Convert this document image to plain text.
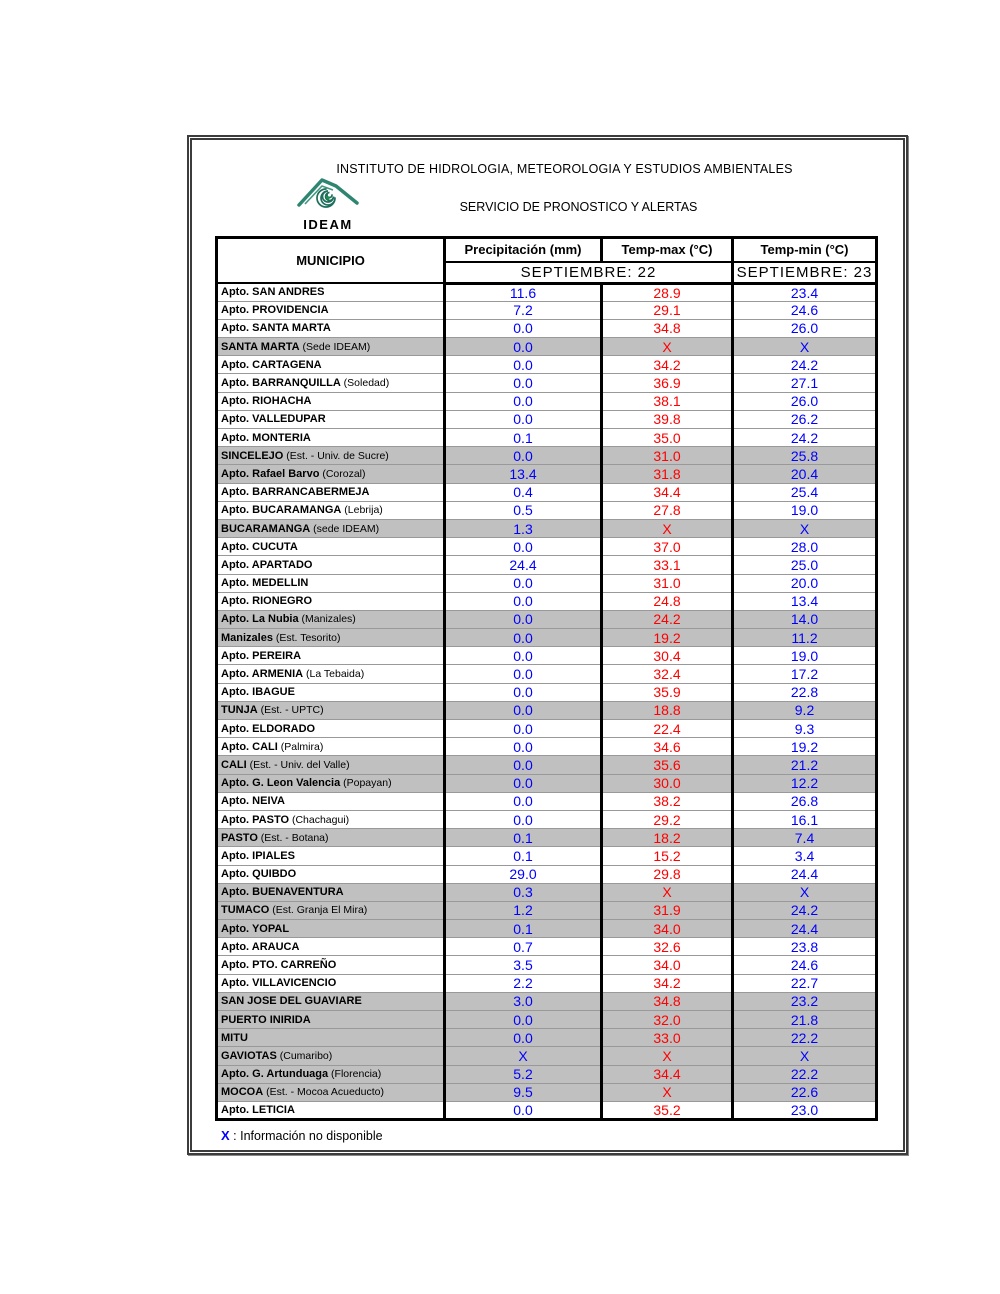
INSTITUTO DE HIDROLOGIA, METEOROLOGIA Y ESTUDIOS AMBIENTALES
IDEAM
SERVICIO DE PRONOSTICO Y ALERTAS
MUNICIPIO	Precipitación (mm)	Temp-max (°C)	Temp-min (°C)
	SEPTIEMBRE: 22		SEPTIEMBRE: 23
Apto. SAN ANDRES	11.6	28.9	23.4
Apto. PROVIDENCIA	7.2	29.1	24.6
Apto. SANTA MARTA	0.0	34.8	26.0
SANTA MARTA (Sede IDEAM)	0.0	X	X
Apto. CARTAGENA	0.0	34.2	24.2
Apto. BARRANQUILLA (Soledad)	0.0	36.9	27.1
Apto. RIOHACHA	0.0	38.1	26.0
Apto. VALLEDUPAR	0.0	39.8	26.2
Apto. MONTERIA	0.1	35.0	24.2
SINCELEJO (Est. - Univ. de Sucre)	0.0	31.0	25.8
Apto. Rafael Barvo (Corozal)	13.4	31.8	20.4
Apto. BARRANCABERMEJA	0.4	34.4	25.4
Apto. BUCARAMANGA (Lebrija)	0.5	27.8	19.0
BUCARAMANGA (sede IDEAM)	1.3	X	X
Apto. CUCUTA	0.0	37.0	28.0
Apto. APARTADO	24.4	33.1	25.0
Apto. MEDELLIN	0.0	31.0	20.0
Apto. RIONEGRO	0.0	24.8	13.4
Apto. La Nubia (Manizales)	0.0	24.2	14.0
Manizales (Est. Tesorito)	0.0	19.2	11.2
Apto. PEREIRA	0.0	30.4	19.0
Apto. ARMENIA (La Tebaida)	0.0	32.4	17.2
Apto. IBAGUE	0.0	35.9	22.8
TUNJA (Est. - UPTC)	0.0	18.8	9.2
Apto. ELDORADO	0.0	22.4	9.3
Apto. CALI (Palmira)	0.0	34.6	19.2
CALI (Est. - Univ. del Valle)	0.0	35.6	21.2
Apto. G. Leon Valencia (Popayan)	0.0	30.0	12.2
Apto. NEIVA	0.0	38.2	26.8
Apto. PASTO (Chachagui)	0.0	29.2	16.1
PASTO (Est. - Botana)	0.1	18.2	7.4
Apto. IPIALES	0.1	15.2	3.4
Apto. QUIBDO	29.0	29.8	24.4
Apto. BUENAVENTURA	0.3	X	X
TUMACO (Est. Granja El Mira)	1.2	31.9	24.2
Apto. YOPAL	0.1	34.0	24.4
Apto. ARAUCA	0.7	32.6	23.8
Apto. PTO. CARREÑO	3.5	34.0	24.6
Apto. VILLAVICENCIO	2.2	34.2	22.7
SAN JOSE DEL GUAVIARE	3.0	34.8	23.2
PUERTO INIRIDA	0.0	32.0	21.8
MITU	0.0	33.0	22.2
GAVIOTAS (Cumaribo)	X	X	X
Apto. G. Artunduaga (Florencia)	5.2	34.4	22.2
MOCOA (Est. - Mocoa Acueducto)	9.5	X	22.6
Apto. LETICIA	0.0	35.2	23.0
X : Información no disponible
